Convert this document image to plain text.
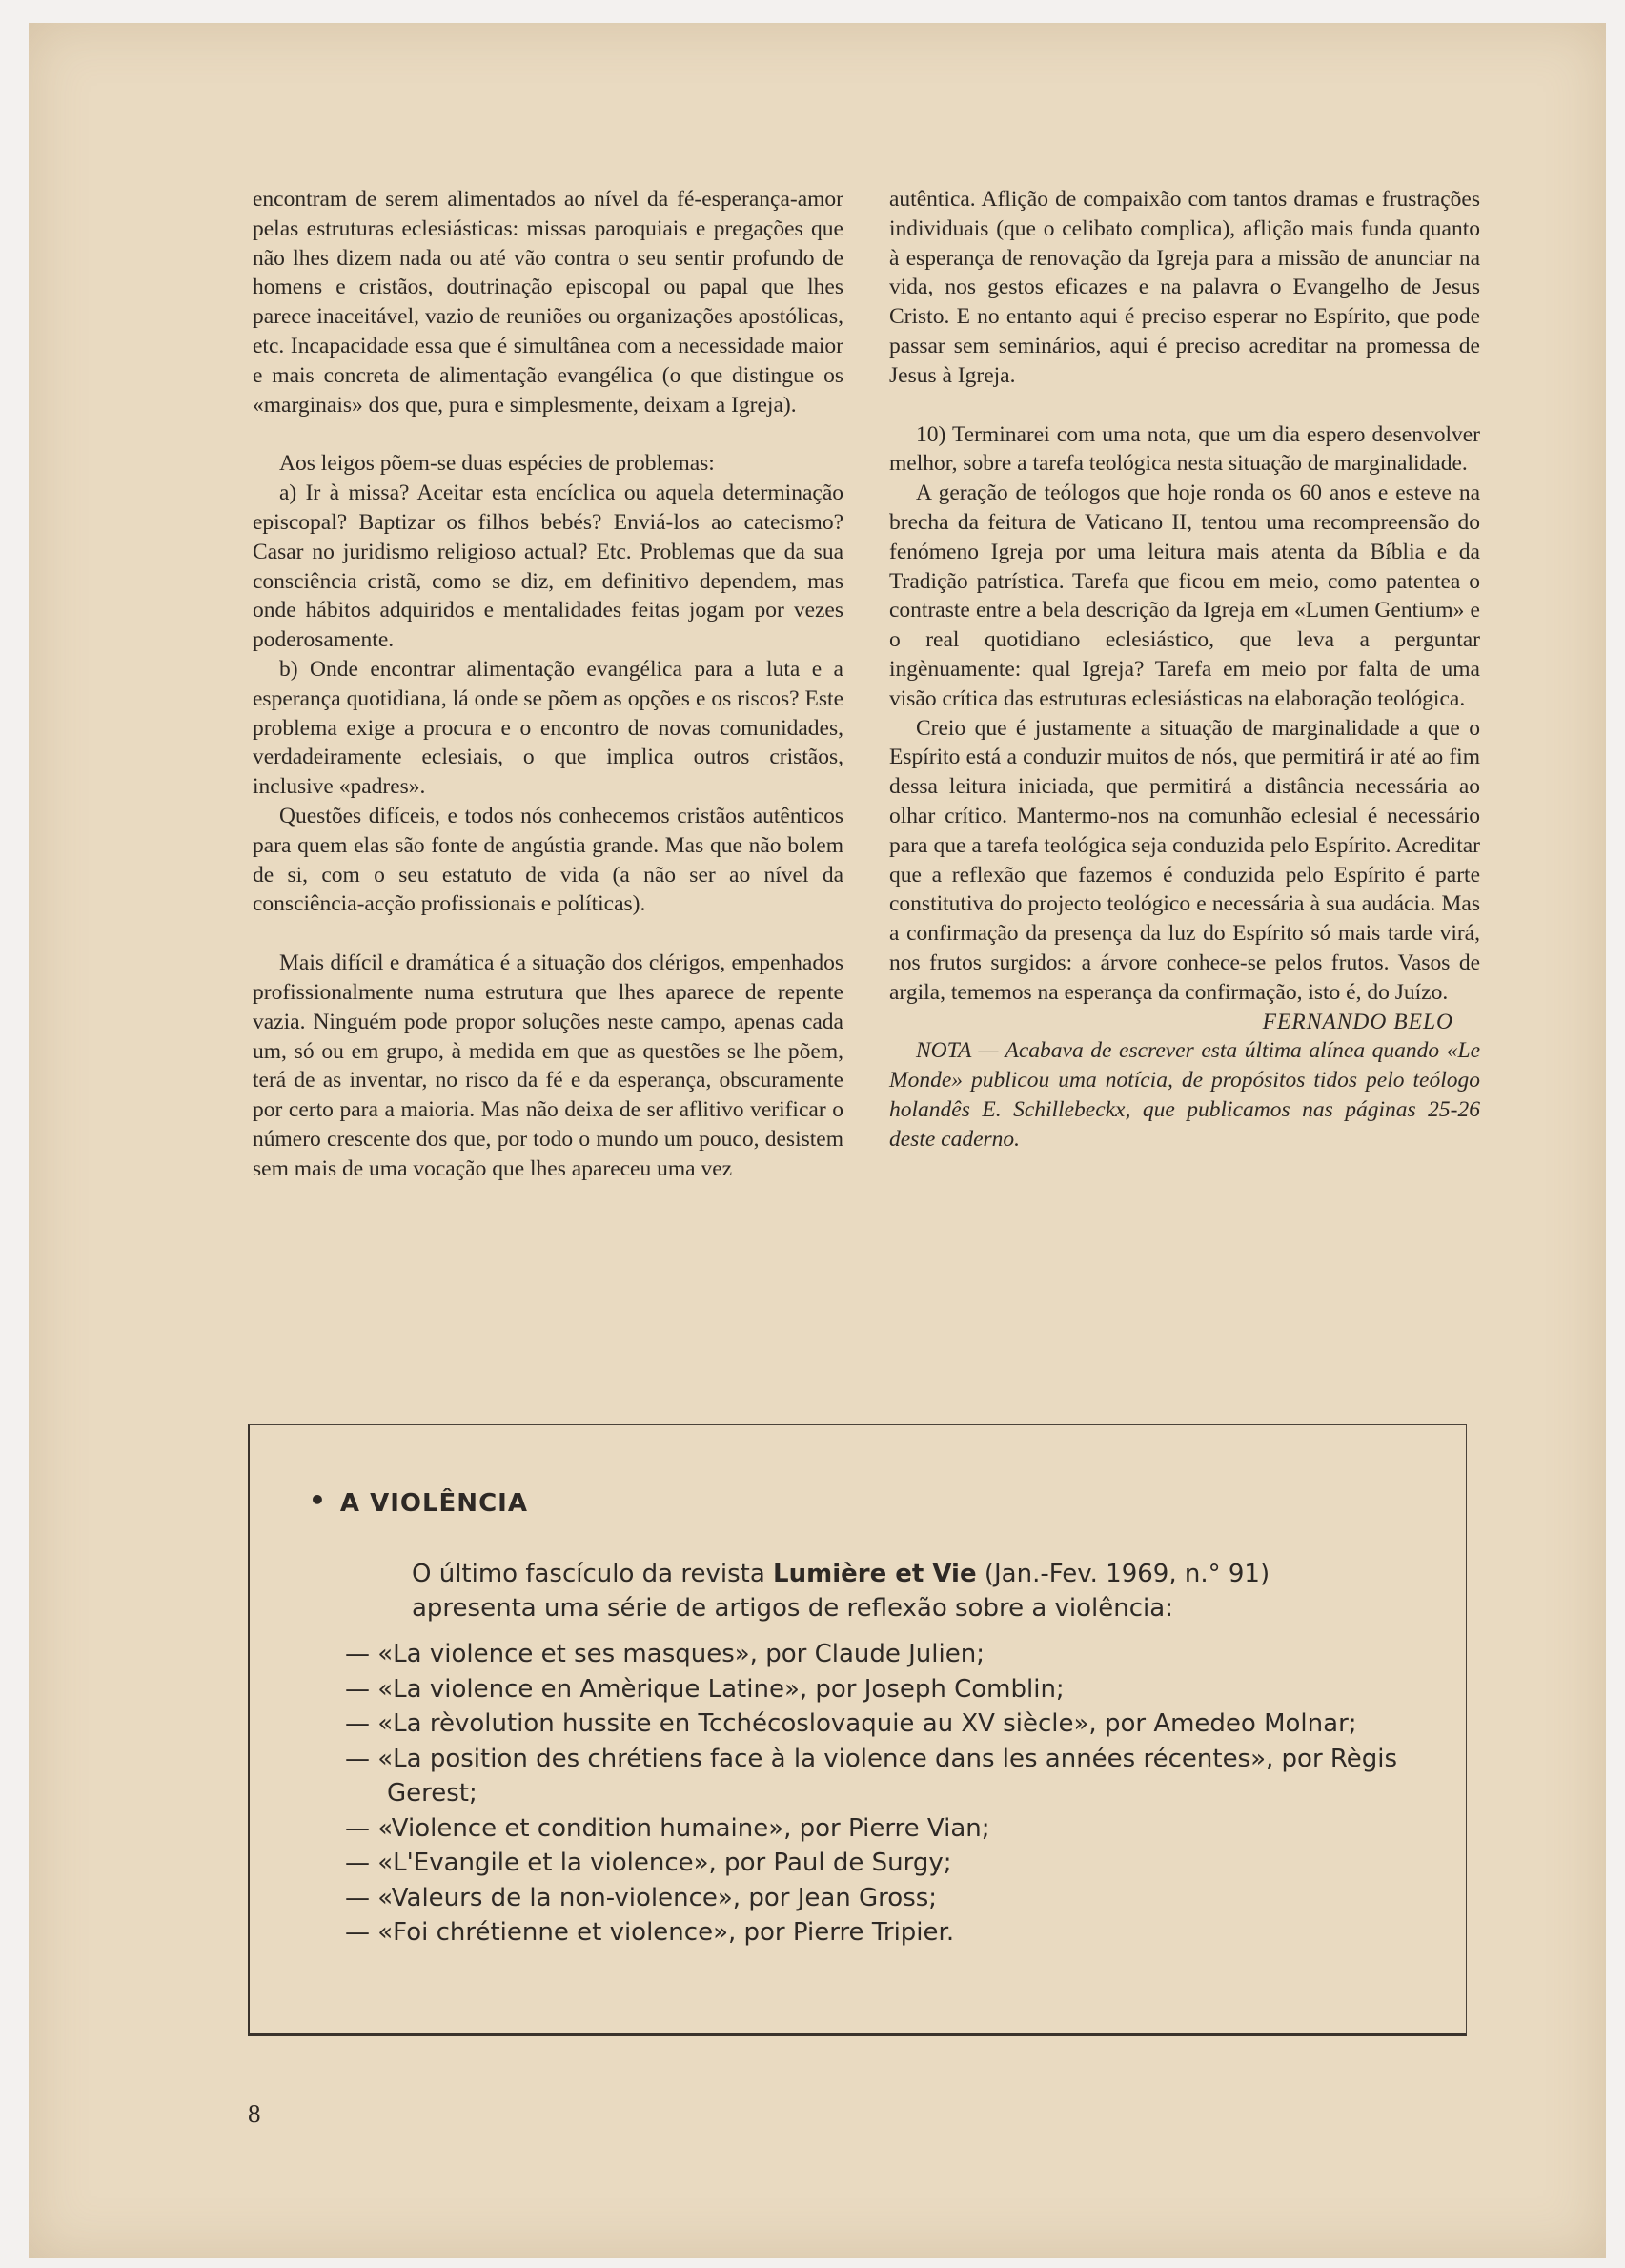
encontram de serem alimentados ao nível da fé-esperança-amor pelas estruturas eclesiásticas: missas paroquiais e pregações que não lhes dizem nada ou até vão contra o seu sentir profundo de homens e cristãos, doutrinação episcopal ou papal que lhes parece inaceitável, vazio de reuniões ou organizações apostólicas, etc. Incapacidade essa que é simultânea com a necessidade maior e mais concreta de alimentação evangélica (o que distingue os «marginais» dos que, pura e simplesmente, deixam a Igreja).

Aos leigos põem-se duas espécies de problemas:

a) Ir à missa? Aceitar esta encíclica ou aquela determinação episcopal? Baptizar os filhos bebés? Enviá-los ao catecismo? Casar no juridismo religioso actual? Etc. Problemas que da sua consciência cristã, como se diz, em definitivo dependem, mas onde hábitos adquiridos e mentalidades feitas jogam por vezes poderosamente.

b) Onde encontrar alimentação evangélica para a luta e a esperança quotidiana, lá onde se põem as opções e os riscos? Este problema exige a procura e o encontro de novas comunidades, verdadeiramente eclesiais, o que implica outros cristãos, inclusive «padres».

Questões difíceis, e todos nós conhecemos cristãos autênticos para quem elas são fonte de angústia grande. Mas que não bolem de si, com o seu estatuto de vida (a não ser ao nível da consciência-acção profissionais e políticas).

Mais difícil e dramática é a situação dos clérigos, empenhados profissionalmente numa estrutura que lhes aparece de repente vazia. Ninguém pode propor soluções neste campo, apenas cada um, só ou em grupo, à medida em que as questões se lhe põem, terá de as inventar, no risco da fé e da esperança, obscuramente por certo para a maioria. Mas não deixa de ser aflitivo verificar o número crescente dos que, por todo o mundo um pouco, desistem sem mais de uma vocação que lhes apareceu uma vez

autêntica. Aflição de compaixão com tantos dramas e frustrações individuais (que o celibato complica), aflição mais funda quanto à esperança de renovação da Igreja para a missão de anunciar na vida, nos gestos eficazes e na palavra o Evangelho de Jesus Cristo. E no entanto aqui é preciso esperar no Espírito, que pode passar sem seminários, aqui é preciso acreditar na promessa de Jesus à Igreja.

10) Terminarei com uma nota, que um dia espero desenvolver melhor, sobre a tarefa teológica nesta situação de marginalidade.

A geração de teólogos que hoje ronda os 60 anos e esteve na brecha da feitura de Vaticano II, tentou uma recompreensão do fenómeno Igreja por uma leitura mais atenta da Bíblia e da Tradição patrística. Tarefa que ficou em meio, como patentea o contraste entre a bela descrição da Igreja em «Lumen Gentium» e o real quotidiano eclesiástico, que leva a perguntar ingènuamente: qual Igreja? Tarefa em meio por falta de uma visão crítica das estruturas eclesiásticas na elaboração teológica.

Creio que é justamente a situação de marginalidade a que o Espírito está a conduzir muitos de nós, que permitirá ir até ao fim dessa leitura iniciada, que permitirá a distância necessária ao olhar crítico. Mantermo-nos na comunhão eclesial é necessário para que a tarefa teológica seja conduzida pelo Espírito. Acreditar que a reflexão que fazemos é conduzida pelo Espírito é parte constitutiva do projecto teológico e necessária à sua audácia. Mas a confirmação da presença da luz do Espírito só mais tarde virá, nos frutos surgidos: a árvore conhece-se pelos frutos. Vasos de argila, tememos na esperança da confirmação, isto é, do Juízo.

FERNANDO BELO

NOTA — Acabava de escrever esta última alínea quando «Le Monde» publicou uma notícia, de propósitos tidos pelo teólogo holandês E. Schillebeckx, que publicamos nas páginas 25-26 deste caderno.

• A VIOLÊNCIA
O último fascículo da revista Lumière et Vie (Jan.-Fev. 1969, n.° 91) apresenta uma série de artigos de reflexão sobre a violência:
— «La violence et ses masques», por Claude Julien;
— «La violence en Amèrique Latine», por Joseph Comblin;
— «La rèvolution hussite en Tcchécoslovaquie au XV siècle», por Amedeo Molnar;
— «La position des chrétiens face à la violence dans les années récentes», por Règis Gerest;
— «Violence et condition humaine», por Pierre Vian;
— «L'Evangile et la violence», por Paul de Surgy;
— «Valeurs de la non-violence», por Jean Gross;
— «Foi chrétienne et violence», por Pierre Tripier.
8
